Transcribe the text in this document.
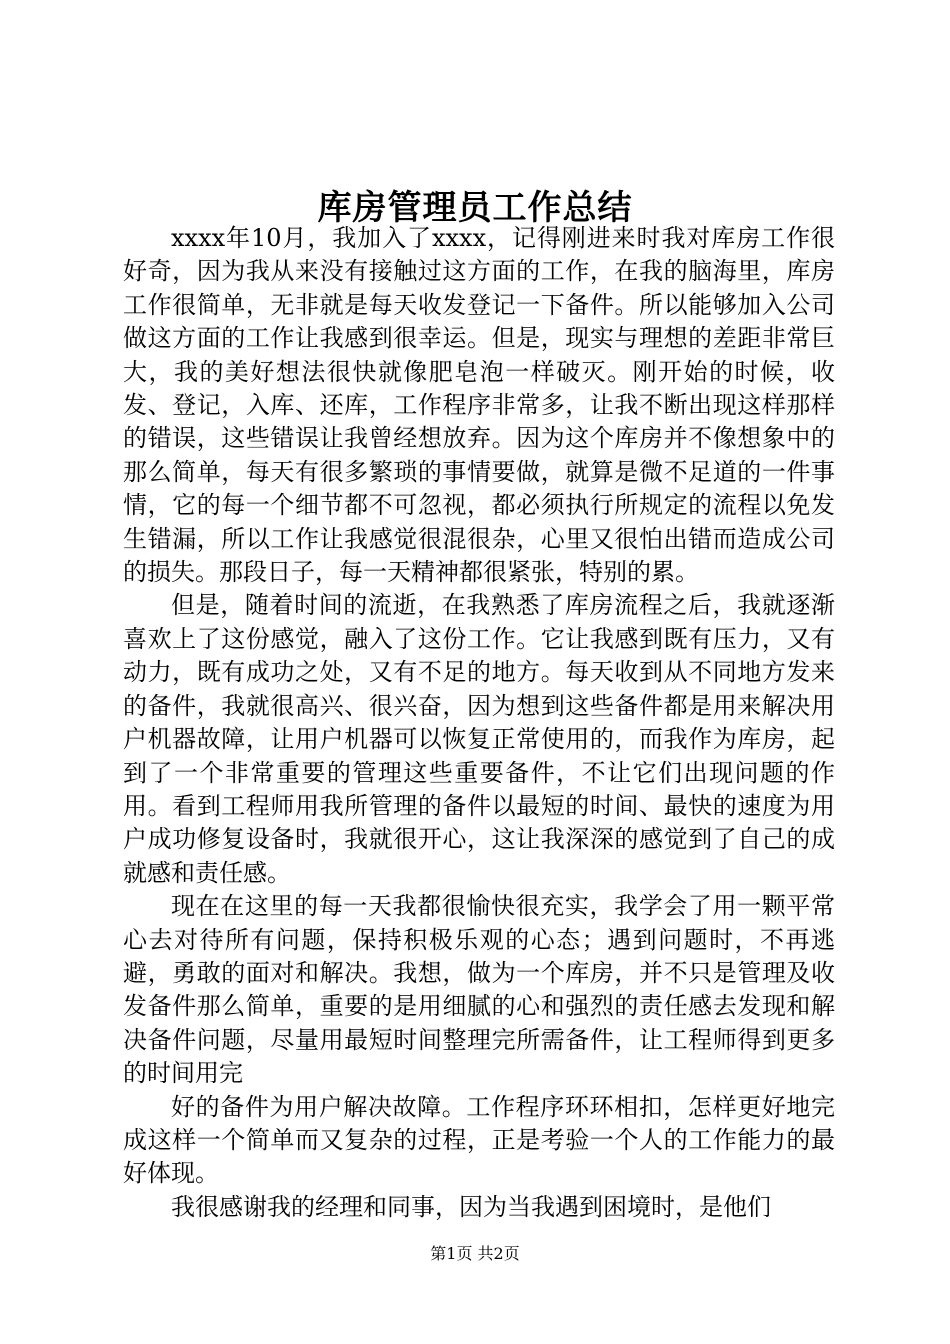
库房管理员工作总结

xxxx年10月，我加入了xxxx，记得刚进来时我对库房工作很好奇，因为我从来没有接触过这方面的工作，在我的脑海里，库房工作很简单，无非就是每天收发登记一下备件。所以能够加入公司做这方面的工作让我感到很幸运。但是，现实与理想的差距非常巨大，我的美好想法很快就像肥皂泡一样破灭。刚开始的时候，收发、登记，入库、还库，工作程序非常多，让我不断出现这样那样的错误，这些错误让我曾经想放弃。因为这个库房并不像想象中的那么简单，每天有很多繁琐的事情要做，就算是微不足道的一件事情，它的每一个细节都不可忽视，都必须执行所规定的流程以免发生错漏，所以工作让我感觉很混很杂，心里又很怕出错而造成公司的损失。那段日子，每一天精神都很紧张，特别的累。

但是，随着时间的流逝，在我熟悉了库房流程之后，我就逐渐喜欢上了这份感觉，融入了这份工作。它让我感到既有压力，又有动力，既有成功之处，又有不足的地方。每天收到从不同地方发来的备件，我就很高兴、很兴奋，因为想到这些备件都是用来解决用户机器故障，让用户机器可以恢复正常使用的，而我作为库房，起到了一个非常重要的管理这些重要备件，不让它们出现问题的作用。看到工程师用我所管理的备件以最短的时间、最快的速度为用户成功修复设备时，我就很开心，这让我深深的感觉到了自己的成就感和责任感。

现在在这里的每一天我都很愉快很充实，我学会了用一颗平常心去对待所有问题，保持积极乐观的心态；遇到问题时，不再逃避，勇敢的面对和解决。我想，做为一个库房，并不只是管理及收发备件那么简单，重要的是用细腻的心和强烈的责任感去发现和解决备件问题，尽量用最短时间整理完所需备件，让工程师得到更多的时间用完

好的备件为用户解决故障。工作程序环环相扣，怎样更好地完成这样一个简单而又复杂的过程，正是考验一个人的工作能力的最好体现。

我很感谢我的经理和同事，因为当我遇到困境时，是他们

第1页 共2页
